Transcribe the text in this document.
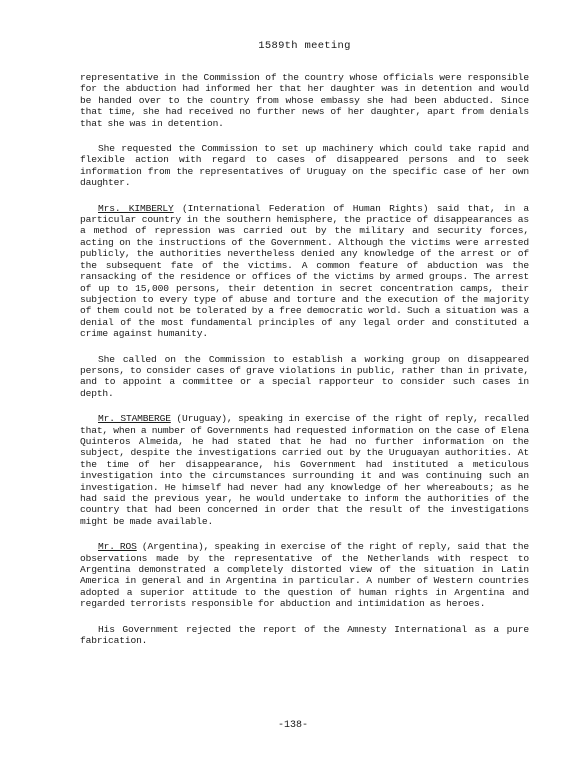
1589th meeting

representative in the Commission of the country whose officials were responsible for the abduction had informed her that her daughter was in detention and would be handed over to the country from whose embassy she had been abducted. Since that time, she had received no further news of her daughter, apart from denials that she was in detention.

She requested the Commission to set up machinery which could take rapid and flexible action with regard to cases of disappeared persons and to seek information from the representatives of Uruguay on the specific case of her own daughter.

Mrs. KIMBERLY (International Federation of Human Rights) said that, in a particular country in the southern hemisphere, the practice of disappearances as a method of repression was carried out by the military and security forces, acting on the instructions of the Government. Although the victims were arrested publicly, the authorities nevertheless denied any knowledge of the arrest or of the subsequent fate of the victims. A common feature of abduction was the ransacking of the residence or offices of the victims by armed groups. The arrest of up to 15,000 persons, their detention in secret concentration camps, their subjection to every type of abuse and torture and the execution of the majority of them could not be tolerated by a free democratic world. Such a situation was a denial of the most fundamental principles of any legal order and constituted a crime against humanity.

She called on the Commission to establish a working group on disappeared persons, to consider cases of grave violations in public, rather than in private, and to appoint a committee or a special rapporteur to consider such cases in depth.

Mr. STAMBERGE (Uruguay), speaking in exercise of the right of reply, recalled that, when a number of Governments had requested information on the case of Elena Quinteros Almeida, he had stated that he had no further information on the subject, despite the investigations carried out by the Uruguayan authorities. At the time of her disappearance, his Government had instituted a meticulous investigation into the circumstances surrounding it and was continuing such an investigation. He himself had never had any knowledge of her whereabouts; as he had said the previous year, he would undertake to inform the authorities of the country that had been concerned in order that the result of the investigations might be made available.

Mr. ROS (Argentina), speaking in exercise of the right of reply, said that the observations made by the representative of the Netherlands with respect to Argentina demonstrated a completely distorted view of the situation in Latin America in general and in Argentina in particular. A number of Western countries adopted a superior attitude to the question of human rights in Argentina and regarded terrorists responsible for abduction and intimidation as heroes.

His Government rejected the report of the Amnesty International as a pure fabrication.

-138-
